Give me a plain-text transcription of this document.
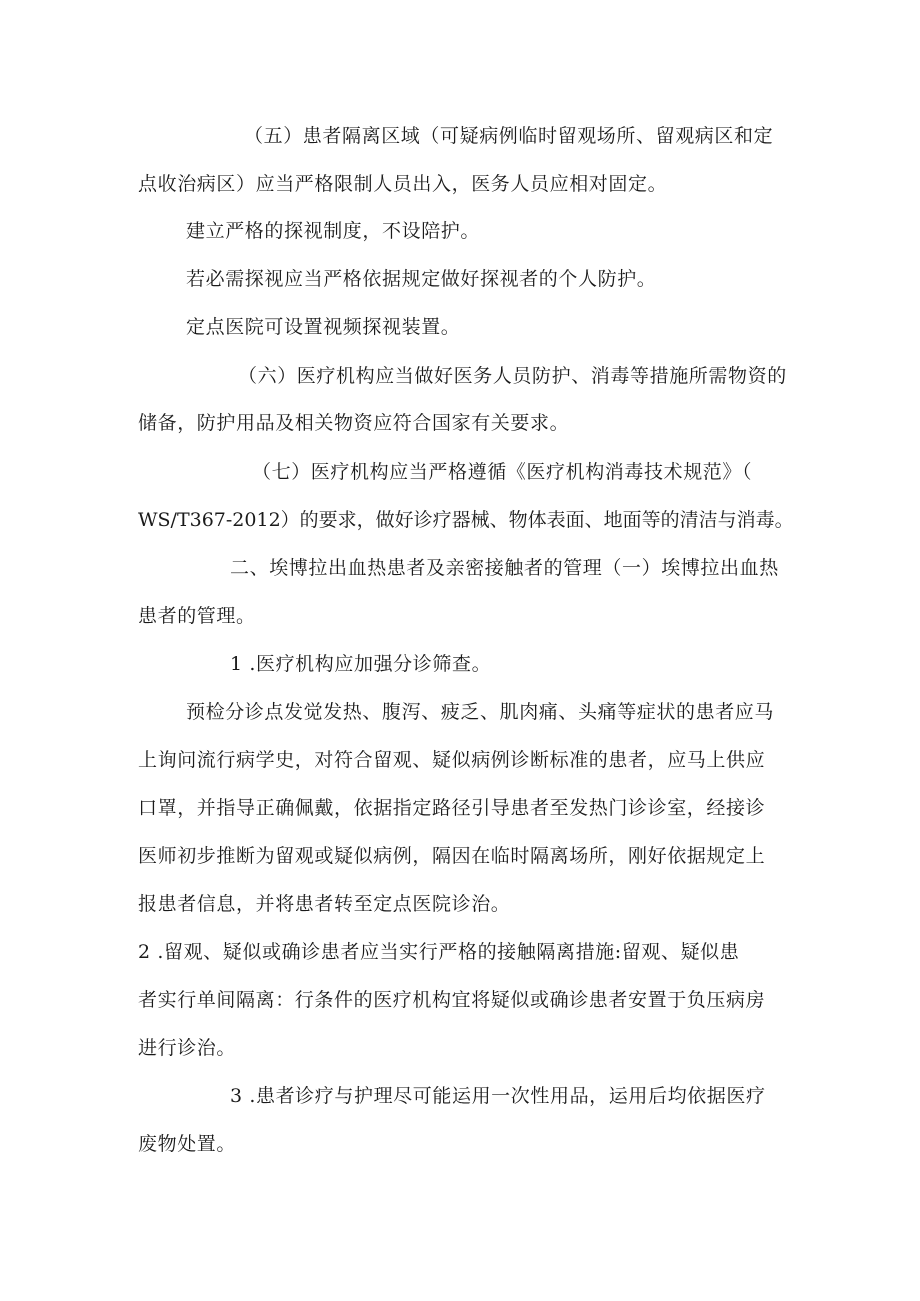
（五）患者隔离区域（可疑病例临时留观场所、留观病区和定
点收治病区）应当严格限制人员出入，医务人员应相对固定。
建立严格的探视制度，不设陪护。
若必需探视应当严格依据规定做好探视者的个人防护。
定点医院可设置视频探视装置。
（六）医疗机构应当做好医务人员防护、消毒等措施所需物资的
储备，防护用品及相关物资应符合国家有关要求。
（七）医疗机构应当严格遵循《医疗机构消毒技术规范》（
WS/T367-2012）的要求，做好诊疗器械、物体表面、地面等的清洁与消毒。
二、埃博拉出血热患者及亲密接触者的管理（一）埃博拉出血热
患者的管理。
1 .医疗机构应加强分诊筛查。
预检分诊点发觉发热、腹泻、疲乏、肌肉痛、头痛等症状的患者应马
上询问流行病学史，对符合留观、疑似病例诊断标准的患者，应马上供应
口罩，并指导正确佩戴，依据指定路径引导患者至发热门诊诊室，经接诊
医师初步推断为留观或疑似病例，隔因在临时隔离场所，刚好依据规定上
报患者信息，并将患者转至定点医院诊治。
2 .留观、疑似或确诊患者应当实行严格的接触隔离措施:留观、疑似患
者实行单间隔离：行条件的医疗机构宜将疑似或确诊患者安置于负压病房
进行诊治。
3 .患者诊疗与护理尽可能运用一次性用品，运用后均依据医疗
废物处置。
